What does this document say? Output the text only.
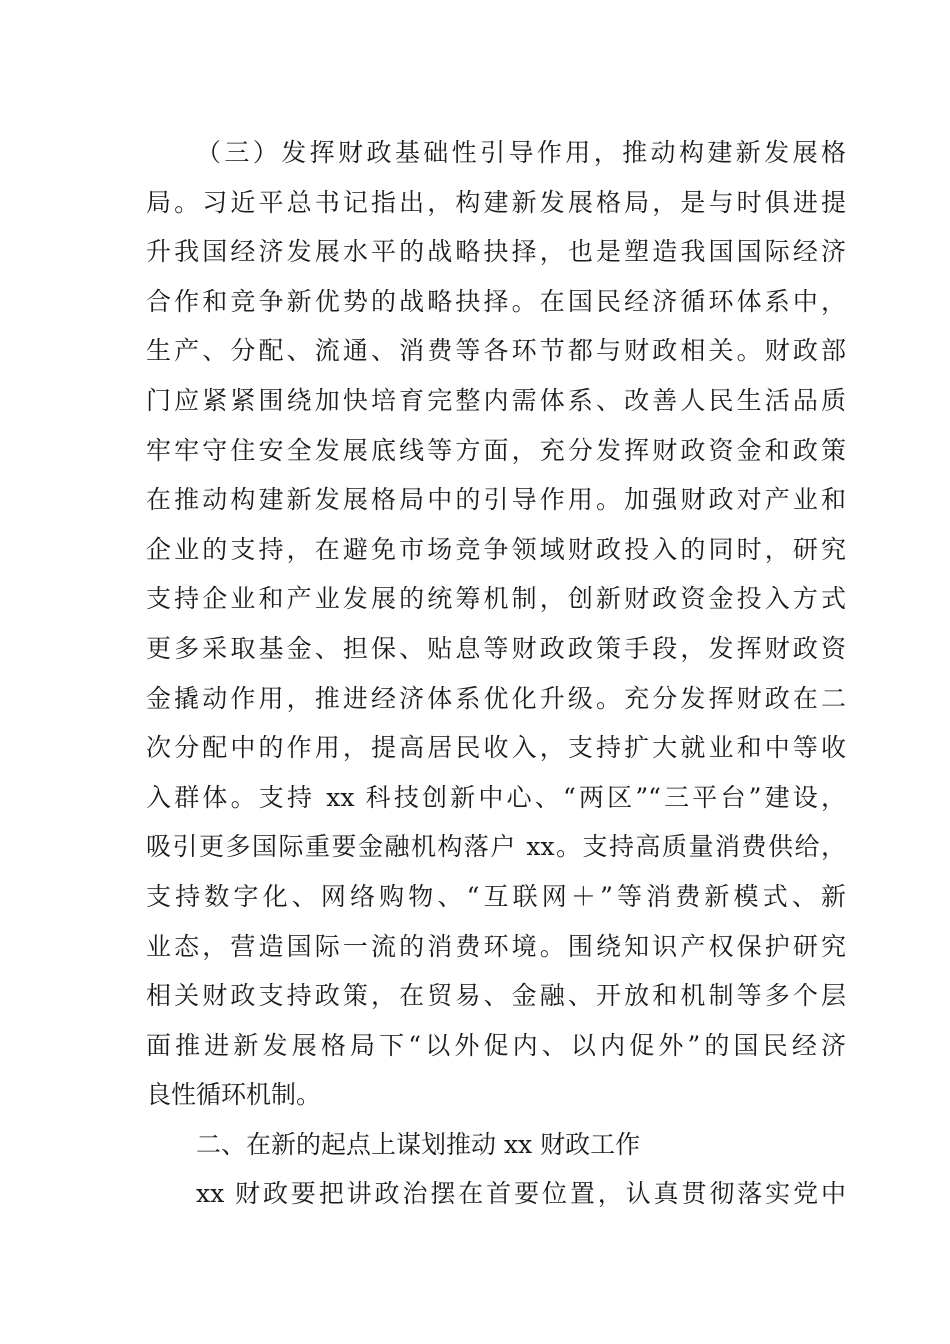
（三）发挥财政基础性引导作用，推动构建新发展格
局。习近平总书记指出，构建新发展格局，是与时俱进提
升我国经济发展水平的战略抉择，也是塑造我国国际经济
合作和竞争新优势的战略抉择。在国民经济循环体系中，
生产、分配、流通、消费等各环节都与财政相关。财政部
门应紧紧围绕加快培育完整内需体系、改善人民生活品质
牢牢守住安全发展底线等方面，充分发挥财政资金和政策
在推动构建新发展格局中的引导作用。加强财政对产业和
企业的支持，在避免市场竞争领域财政投入的同时，研究
支持企业和产业发展的统筹机制，创新财政资金投入方式
更多采取基金、担保、贴息等财政政策手段，发挥财政资
金撬动作用，推进经济体系优化升级。充分发挥财政在二
次分配中的作用，提高居民收入，支持扩大就业和中等收
入群体。支持 xx 科技创新中心、“两区”“三平台”建设，
吸引更多国际重要金融机构落户 xx。支持高质量消费供给，
支持数字化、网络购物、“互联网＋”等消费新模式、新
业态，营造国际一流的消费环境。围绕知识产权保护研究
相关财政支持政策，在贸易、金融、开放和机制等多个层
面推进新发展格局下“以外促内、以内促外”的国民经济
良性循环机制。
二、在新的起点上谋划推动 xx 财政工作
xx 财政要把讲政治摆在首要位置，认真贯彻落实党中
